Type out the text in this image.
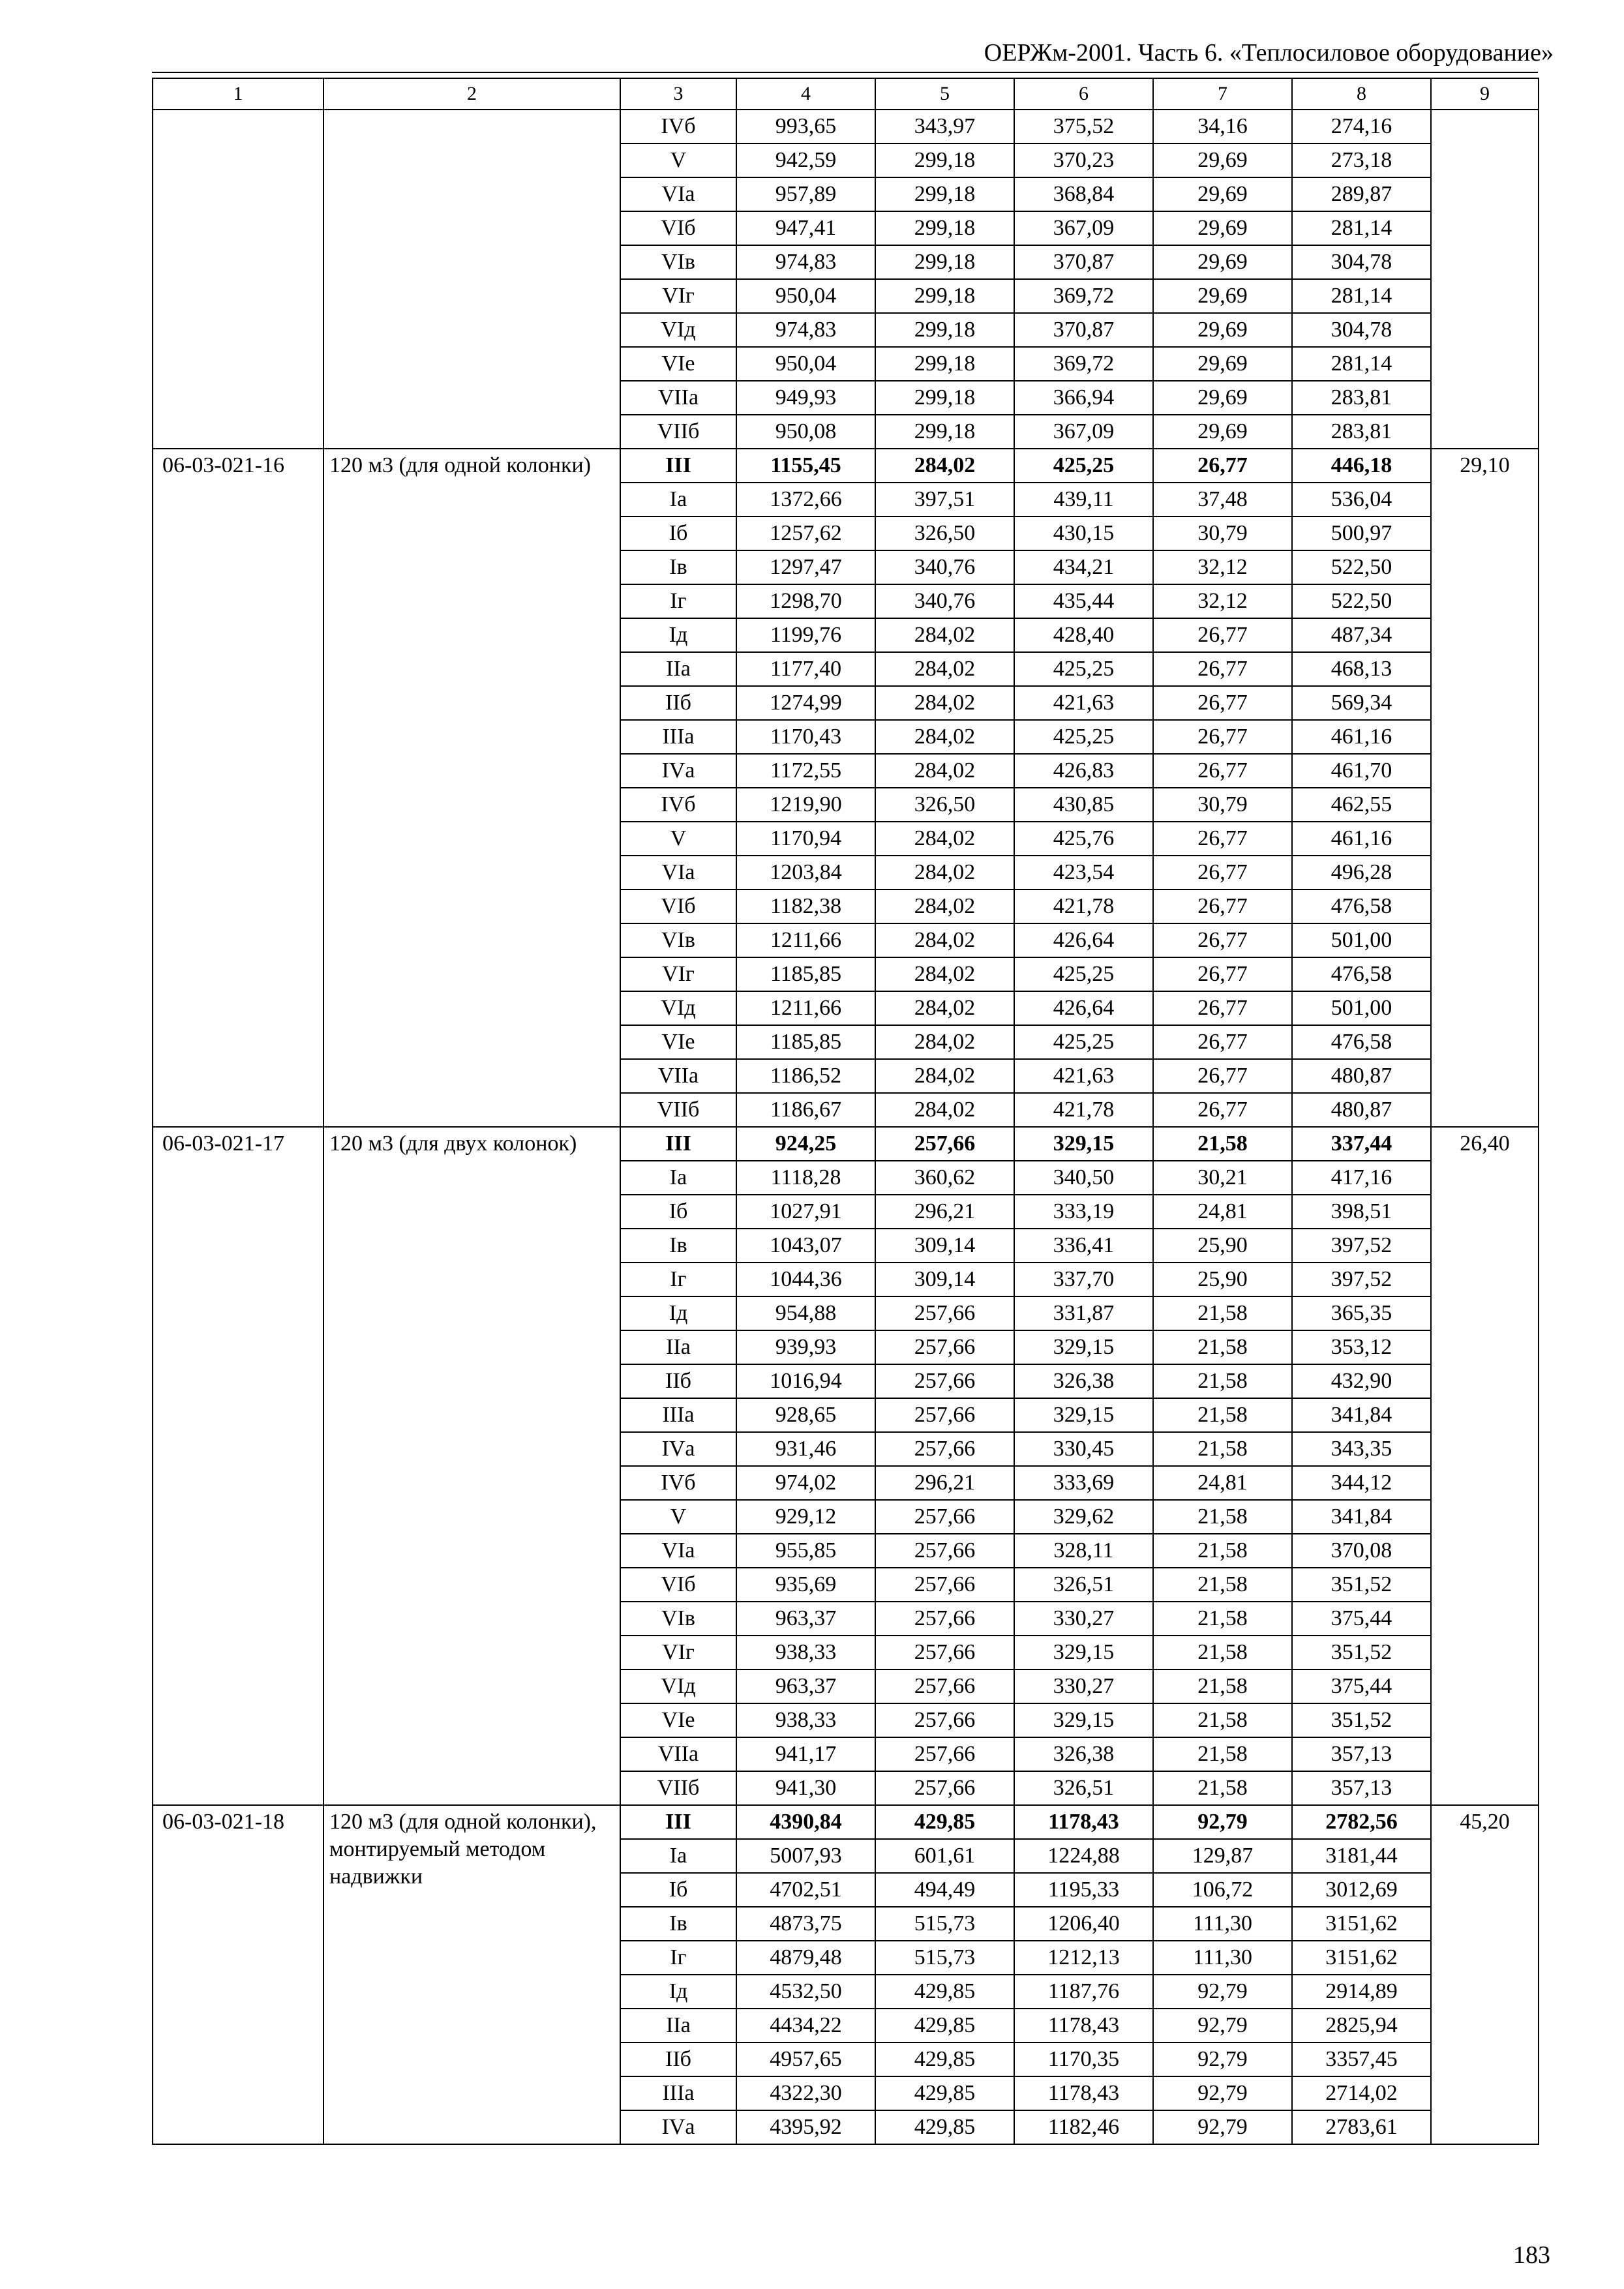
ОЕРЖм-2001. Часть 6. «Теплосиловое оборудование»
1	2	3	4	5	6	7	8	9
		IVб	993,65	343,97	375,52	34,16	274,16	
		V	942,59	299,18	370,23	29,69	273,18	
		VIа	957,89	299,18	368,84	29,69	289,87	
		VIб	947,41	299,18	367,09	29,69	281,14	
		VIв	974,83	299,18	370,87	29,69	304,78	
		VIг	950,04	299,18	369,72	29,69	281,14	
		VIд	974,83	299,18	370,87	29,69	304,78	
		VIе	950,04	299,18	369,72	29,69	281,14	
		VIIа	949,93	299,18	366,94	29,69	283,81	
		VIIб	950,08	299,18	367,09	29,69	283,81	
06-03-021-16	120 м3 (для одной колонки)	III	1155,45	284,02	425,25	26,77	446,18	29,10
		Iа	1372,66	397,51	439,11	37,48	536,04	
		Iб	1257,62	326,50	430,15	30,79	500,97	
		Iв	1297,47	340,76	434,21	32,12	522,50	
		Iг	1298,70	340,76	435,44	32,12	522,50	
		Iд	1199,76	284,02	428,40	26,77	487,34	
		IIа	1177,40	284,02	425,25	26,77	468,13	
		IIб	1274,99	284,02	421,63	26,77	569,34	
		IIIа	1170,43	284,02	425,25	26,77	461,16	
		IVа	1172,55	284,02	426,83	26,77	461,70	
		IVб	1219,90	326,50	430,85	30,79	462,55	
		V	1170,94	284,02	425,76	26,77	461,16	
		VIа	1203,84	284,02	423,54	26,77	496,28	
		VIб	1182,38	284,02	421,78	26,77	476,58	
		VIв	1211,66	284,02	426,64	26,77	501,00	
		VIг	1185,85	284,02	425,25	26,77	476,58	
		VIд	1211,66	284,02	426,64	26,77	501,00	
		VIе	1185,85	284,02	425,25	26,77	476,58	
		VIIа	1186,52	284,02	421,63	26,77	480,87	
		VIIб	1186,67	284,02	421,78	26,77	480,87	
06-03-021-17	120 м3 (для двух колонок)	III	924,25	257,66	329,15	21,58	337,44	26,40
		Iа	1118,28	360,62	340,50	30,21	417,16	
		Iб	1027,91	296,21	333,19	24,81	398,51	
		Iв	1043,07	309,14	336,41	25,90	397,52	
		Iг	1044,36	309,14	337,70	25,90	397,52	
		Iд	954,88	257,66	331,87	21,58	365,35	
		IIа	939,93	257,66	329,15	21,58	353,12	
		IIб	1016,94	257,66	326,38	21,58	432,90	
		IIIа	928,65	257,66	329,15	21,58	341,84	
		IVа	931,46	257,66	330,45	21,58	343,35	
		IVб	974,02	296,21	333,69	24,81	344,12	
		V	929,12	257,66	329,62	21,58	341,84	
		VIа	955,85	257,66	328,11	21,58	370,08	
		VIб	935,69	257,66	326,51	21,58	351,52	
		VIв	963,37	257,66	330,27	21,58	375,44	
		VIг	938,33	257,66	329,15	21,58	351,52	
		VIд	963,37	257,66	330,27	21,58	375,44	
		VIе	938,33	257,66	329,15	21,58	351,52	
		VIIа	941,17	257,66	326,38	21,58	357,13	
		VIIб	941,30	257,66	326,51	21,58	357,13	
06-03-021-18	120 м3 (для одной колонки), монтируемый методом надвижки	III	4390,84	429,85	1178,43	92,79	2782,56	45,20
		Iа	5007,93	601,61	1224,88	129,87	3181,44	
		Iб	4702,51	494,49	1195,33	106,72	3012,69	
		Iв	4873,75	515,73	1206,40	111,30	3151,62	
		Iг	4879,48	515,73	1212,13	111,30	3151,62	
		Iд	4532,50	429,85	1187,76	92,79	2914,89	
		IIа	4434,22	429,85	1178,43	92,79	2825,94	
		IIб	4957,65	429,85	1170,35	92,79	3357,45	
		IIIа	4322,30	429,85	1178,43	92,79	2714,02	
		IVа	4395,92	429,85	1182,46	92,79	2783,61	
183
